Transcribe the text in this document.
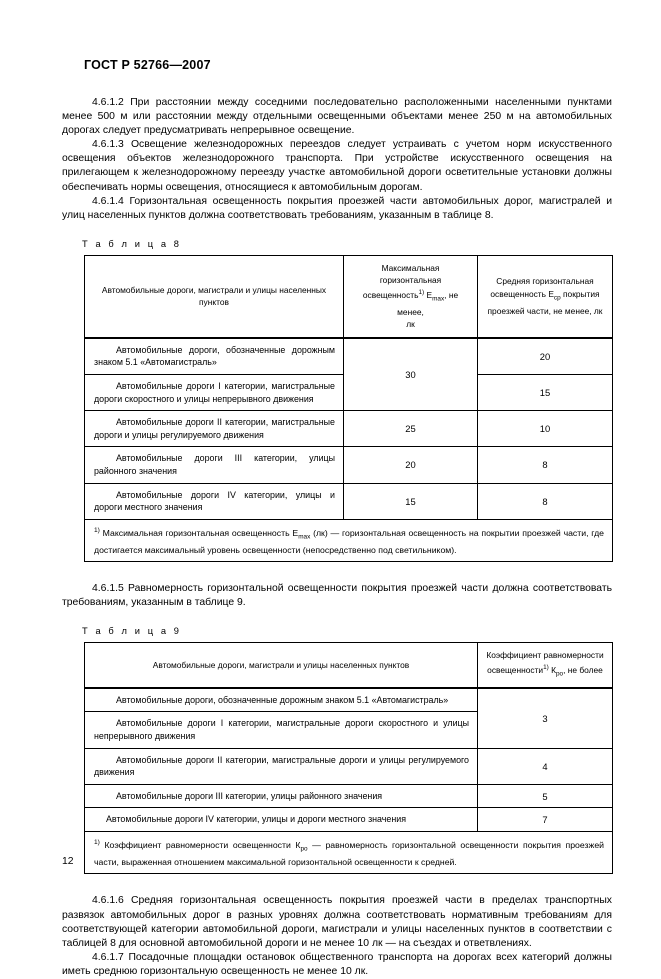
ГОСТ Р 52766—2007

4.6.1.2 При расстоянии между соседними последовательно расположенными населенными пунктами менее 500 м или расстоянии между отдельными освещенными объектами менее 250 м на автомобильных дорогах следует предусматривать непрерывное освещение.

4.6.1.3 Освещение железнодорожных переездов следует устраивать с учетом норм искусственного освещения объектов железнодорожного транспорта. При устройстве искусственного освещения на прилегающем к железнодорожному переезду участке автомобильной дороги осветительные установки должны обеспечивать нормы освещения, относящиеся к автомобильным дорогам.

4.6.1.4 Горизонтальная освещенность покрытия проезжей части автомобильных дорог, магистралей и улиц населенных пунктов должна соответствовать требованиям, указанным в таблице 8.

Т а б л и ц а 8
Автомобильные дороги, магистрали и улицы населенных пунктов	Максимальная горизонтальная
освещенность$^{1)}$ $E_{max}$, не менее,
лк	Средняя горизонтальная
освещенность $E_{ср}$ покрытия
проезжей части, не менее, лк

Автомобильные дороги, обозначенные дорожным знаком 5.1 «Автомагистраль»	30	20

Автомобильные дороги I категории, магистральные дороги скоростного и улицы непрерывного движения		15

Автомобильные дороги II категории, магистральные дороги и улицы регулируемого движения	25	10

Автомобильные дороги III категории, улицы районного значения	20	8

Автомобильные дороги IV категории, улицы и дороги местного значения	15	8

$^{1)}$ Максимальная горизонтальная освещенность $E_{max}$ (лк) — горизонтальная освещенность на покрытии проезжей части, где достигается максимальный уровень освещенности (непосредственно под светильником).		

4.6.1.5 Равномерность горизонтальной освещенности покрытия проезжей части должна соответствовать требованиям, указанным в таблице 9.

Т а б л и ц а 9
Автомобильные дороги, магистрали и улицы населенных пунктов	Коэффициент равномерности
освещенности$^{1)}$ $К_{ро}$, не более

Автомобильные дороги, обозначенные дорожным знаком 5.1 «Автомагистраль»	3

Автомобильные дороги I категории, магистральные дороги скоростного и улицы непрерывного движения	

Автомобильные дороги II категории, магистральные дороги и улицы регулируемого движения	4

Автомобильные дороги III категории, улицы районного значения	5

Автомобильные дороги IV категории, улицы и дороги местного значения	7

$^{1)}$ Коэффициент равномерности освещенности $К_{ро}$ — равномерность горизонтальной освещенности покрытия проезжей части, выраженная отношением максимальной горизонтальной освещенности к средней.	

4.6.1.6 Средняя горизонтальная освещенность покрытия проезжей части в пределах транспортных развязок автомобильных дорог в разных уровнях должна соответствовать нормативным требованиям для соответствующей категории автомобильной дороги, магистрали и улицы населенных пунктов в соответствии с таблицей 8 для основной автомобильной дороги и не менее 10 лк — на съездах и ответвлениях.

4.6.1.7 Посадочные площадки остановок общественного транспорта на дорогах всех категорий должны иметь среднюю горизонтальную освещенность не менее 10 лк.

12
